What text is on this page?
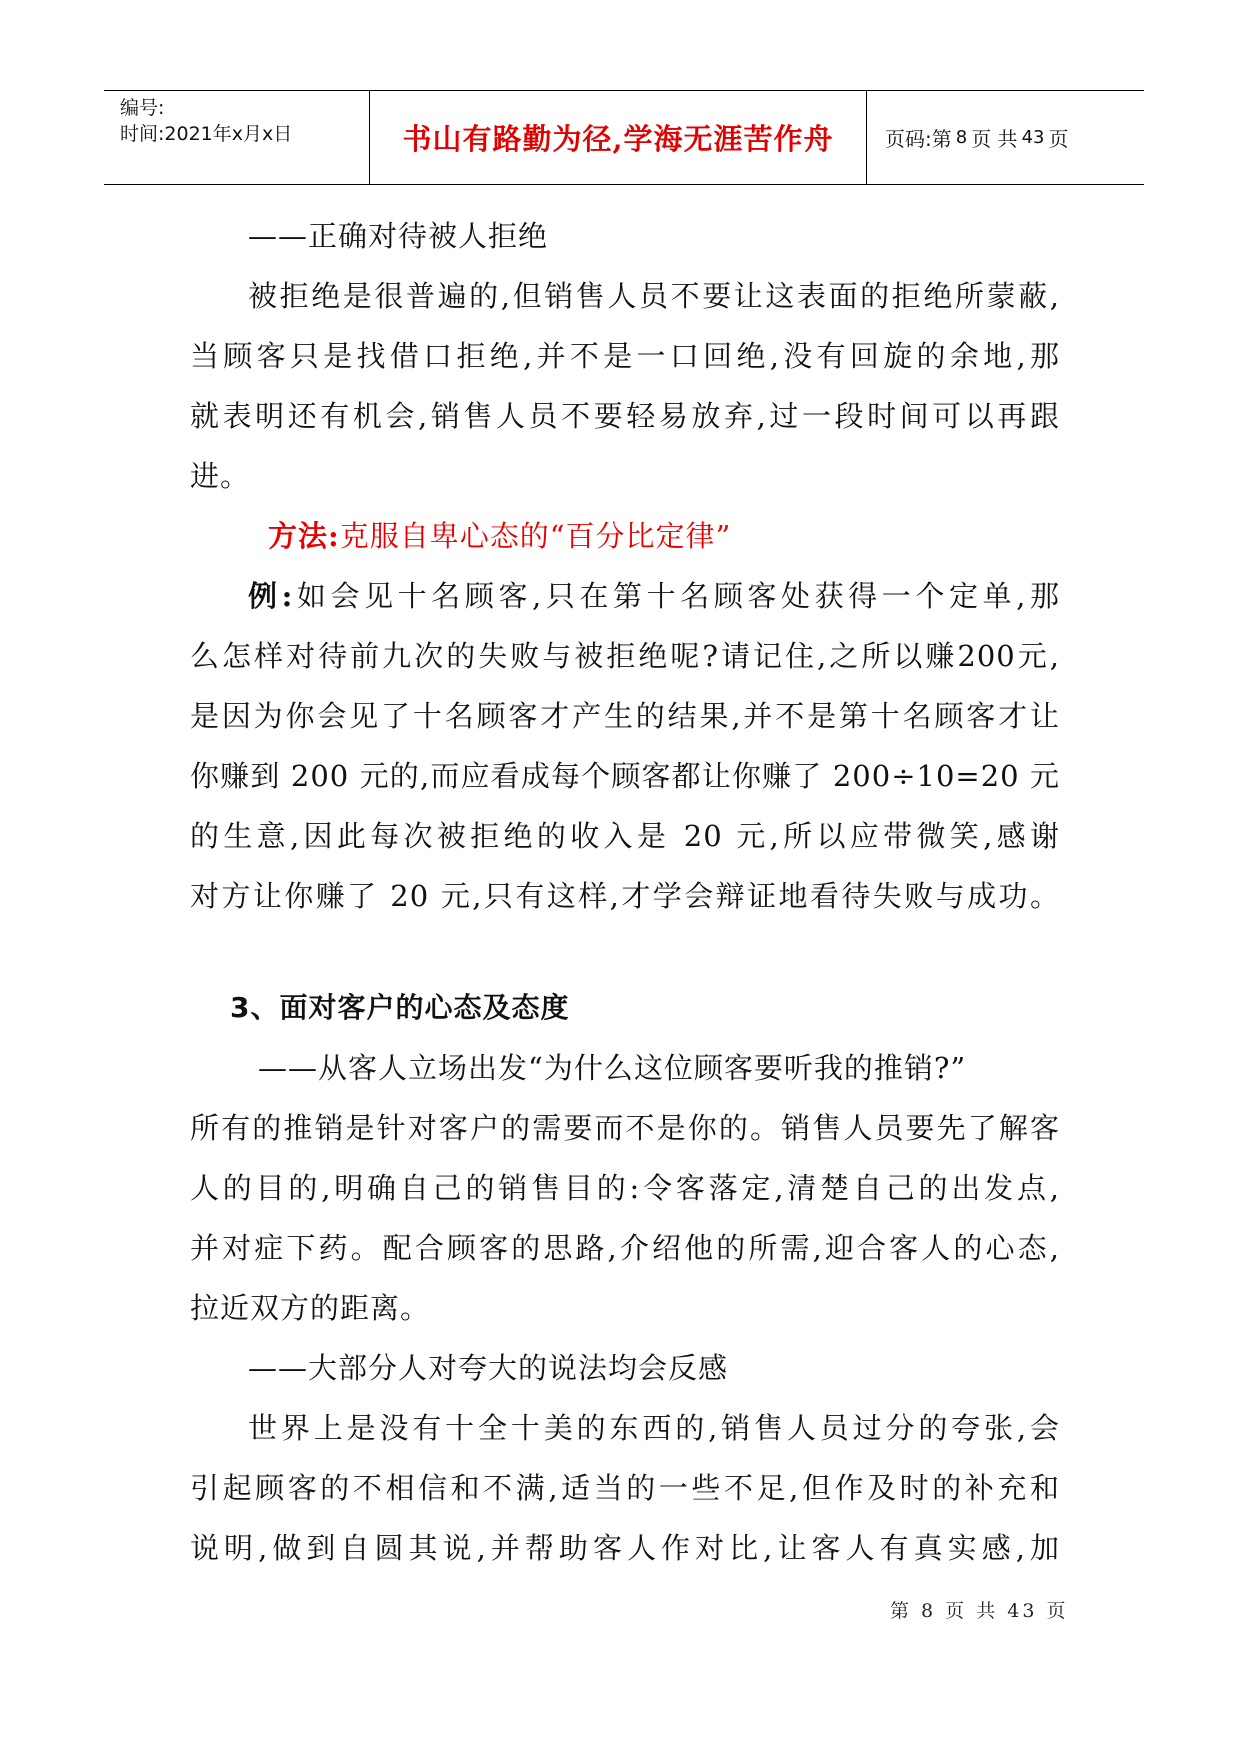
编号:
时间:2021年x月x日	书山有路勤为径,学海无涯苦作舟	页码:第 8 页 共 43 页
——正确对待被人拒绝
被拒绝是很普遍的,但销售人员不要让这表面的拒绝所蒙蔽,
当顾客只是找借口拒绝,并不是一口回绝,没有回旋的余地,那
就表明还有机会,销售人员不要轻易放弃,过一段时间可以再跟
进。
方法:克服自卑心态的“百分比定律”
例:如会见十名顾客,只在第十名顾客处获得一个定单,那
么怎样对待前九次的失败与被拒绝呢?请记住,之所以赚200元,
是因为你会见了十名顾客才产生的结果,并不是第十名顾客才让
你赚到 200 元的,而应看成每个顾客都让你赚了 200÷10=20 元
的生意,因此每次被拒绝的收入是 20 元,所以应带微笑,感谢
对方让你赚了 20 元,只有这样,才学会辩证地看待失败与成功。
3、面对客户的心态及态度
——从客人立场出发“为什么这位顾客要听我的推销?”
所有的推销是针对客户的需要而不是你的。销售人员要先了解客
人的目的,明确自己的销售目的:令客落定,清楚自己的出发点,
并对症下药。配合顾客的思路,介绍他的所需,迎合客人的心态,
拉近双方的距离。
——大部分人对夸大的说法均会反感
世界上是没有十全十美的东西的,销售人员过分的夸张,会
引起顾客的不相信和不满,适当的一些不足,但作及时的补充和
说明,做到自圆其说,并帮助客人作对比,让客人有真实感,加
第 8 页 共 43 页
